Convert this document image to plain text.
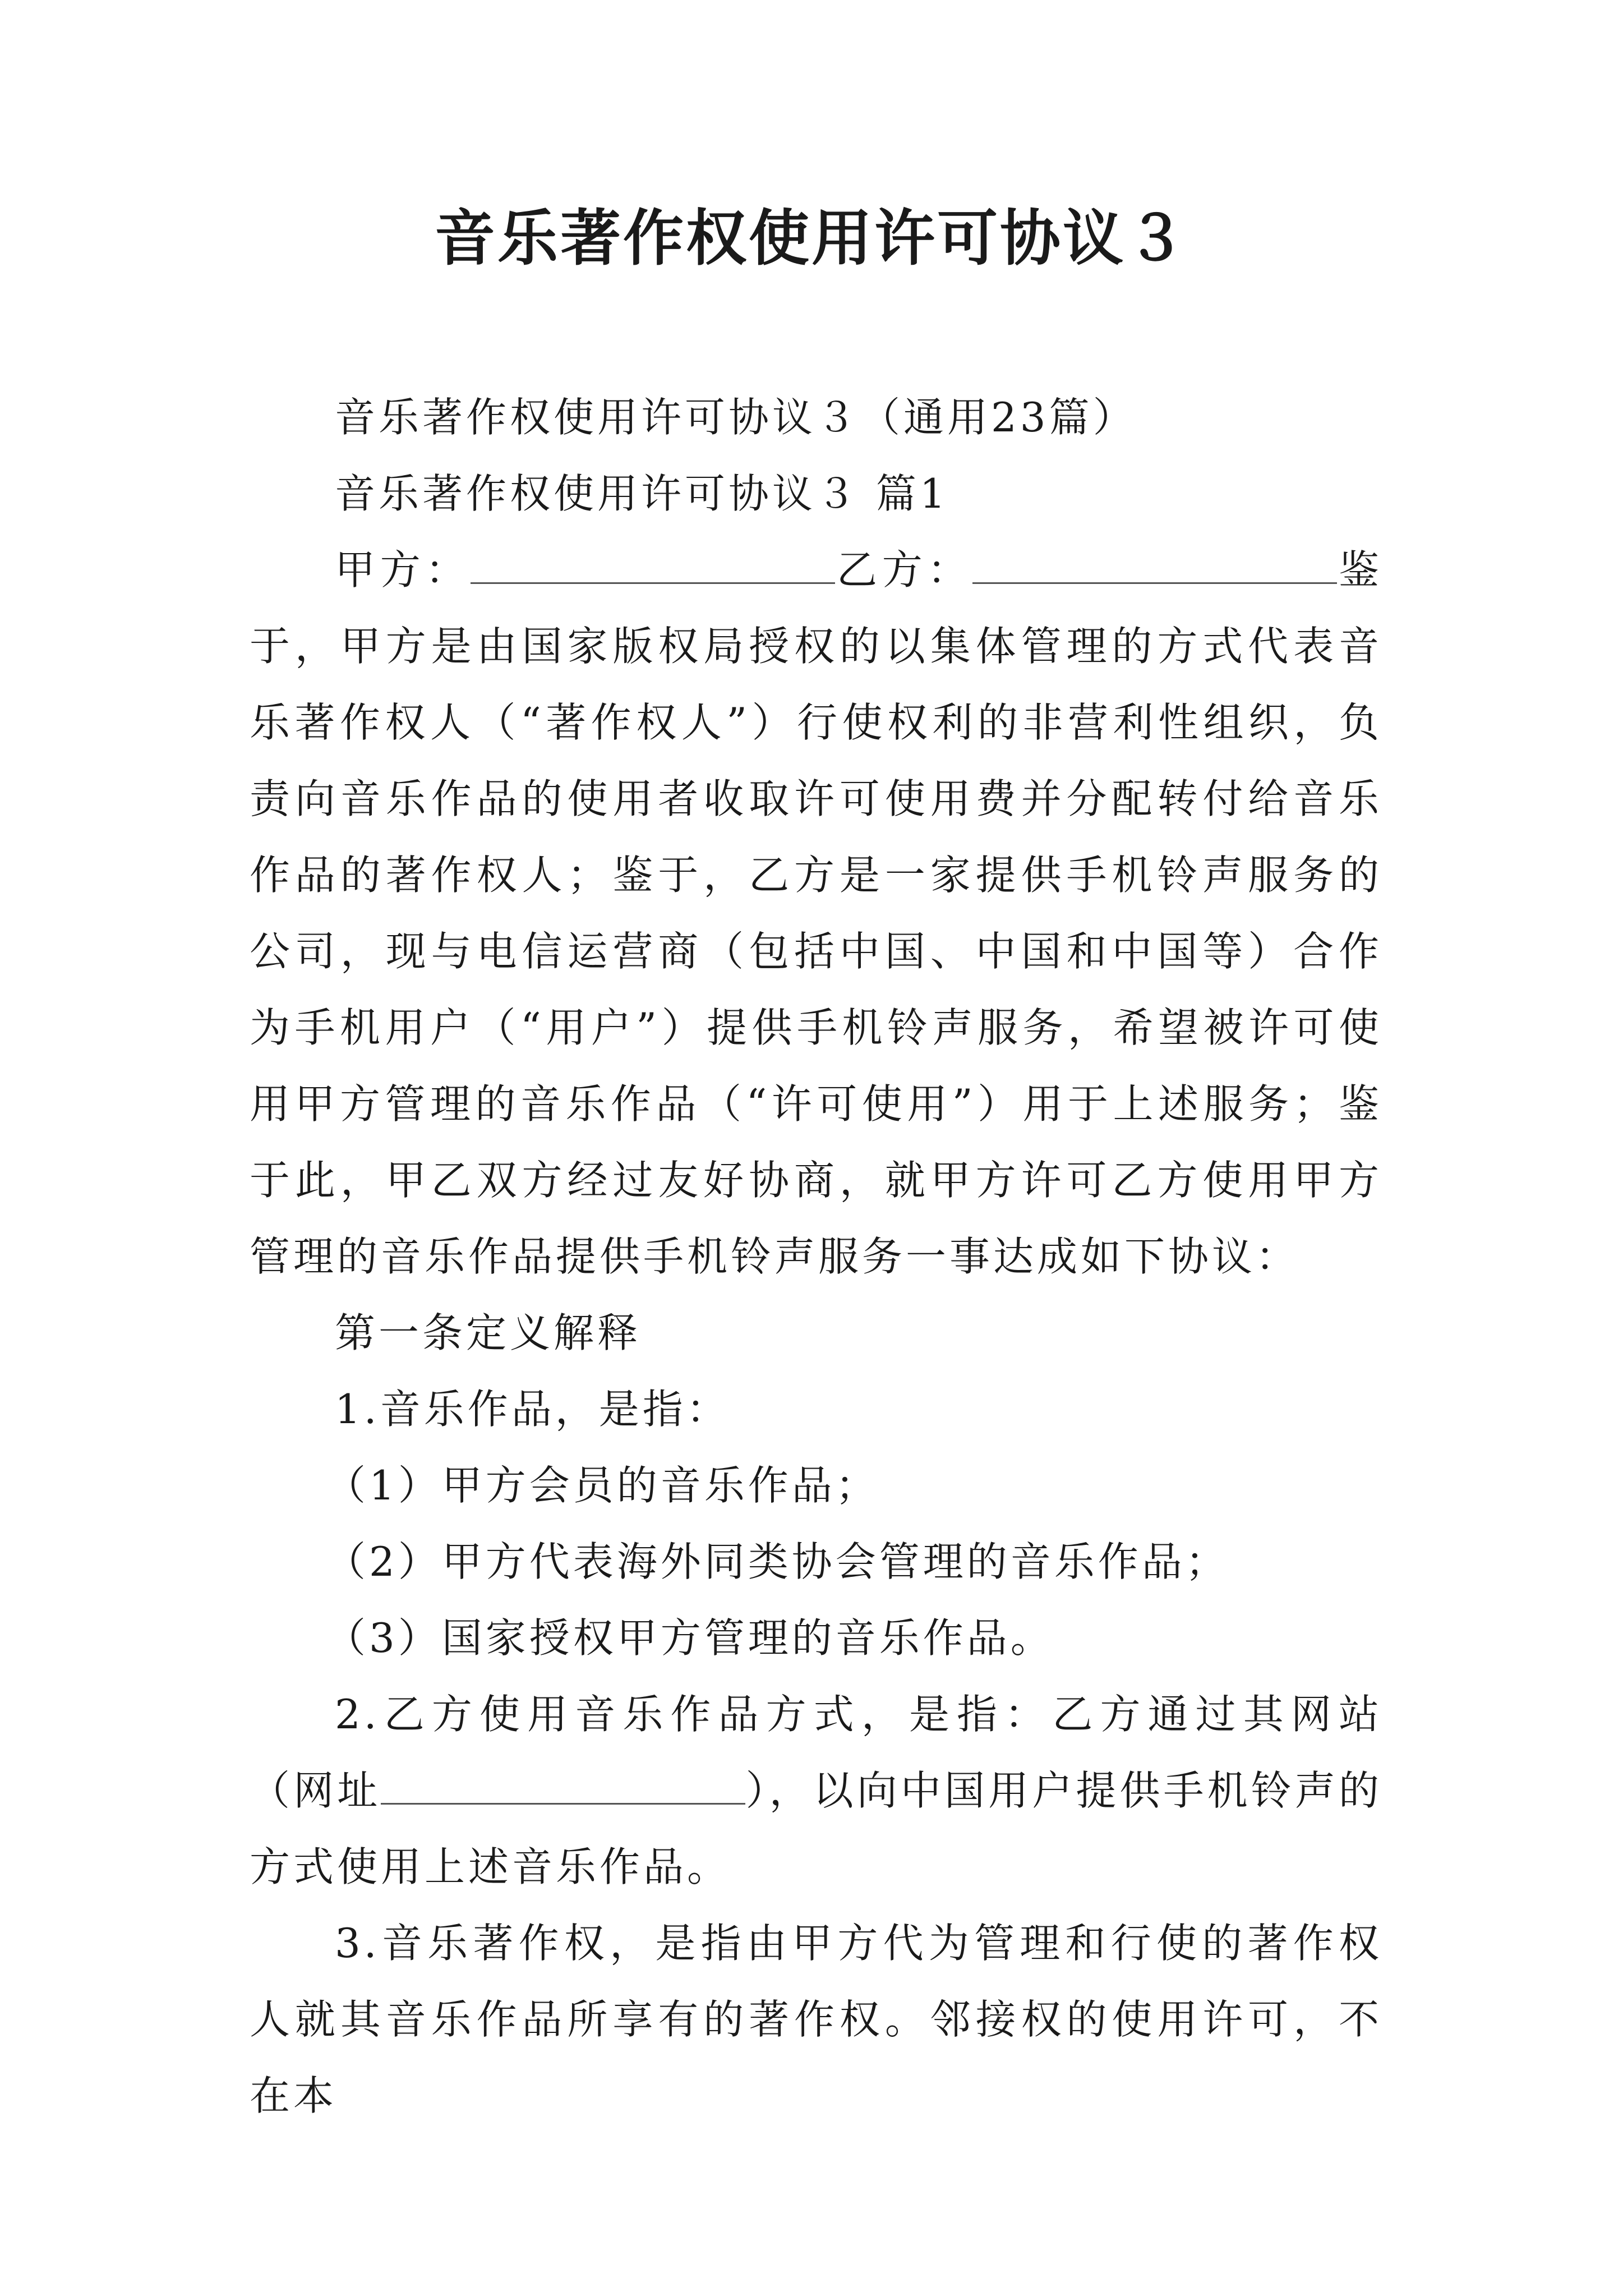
音乐著作权使用许可协议３

音乐著作权使用许可协议３（通用23篇）

音乐著作权使用许可协议３ 篇1

甲方：	乙方：	鉴于，甲方是由国家版权局授权的以集体管理的方式代表音乐著作权人（“著作权人”）行使权利的非营利性组织，负责向音乐作品的使用者收取许可使用费并分配转付给音乐作品的著作权人；鉴于，乙方是一家提供手机铃声服务的公司，现与电信运营商（包括中国、中国和中国等）合作为手机用户（“用户”）提供手机铃声服务，希望被许可使用甲方管理的音乐作品（“许可使用”）用于上述服务；鉴于此，甲乙双方经过友好协商，就甲方许可乙方使用甲方管理的音乐作品提供手机铃声服务一事达成如下协议：

第一条定义解释

1.音乐作品，是指：

（1）甲方会员的音乐作品；

（2）甲方代表海外同类协会管理的音乐作品；

（3）国家授权甲方管理的音乐作品。

2.乙方使用音乐作品方式，是指：乙方通过其网站（网址	），以向中国用户提供手机铃声的方式使用上述音乐作品。

3.音乐著作权，是指由甲方代为管理和行使的著作权人就其音乐作品所享有的著作权。邻接权的使用许可，不在本
